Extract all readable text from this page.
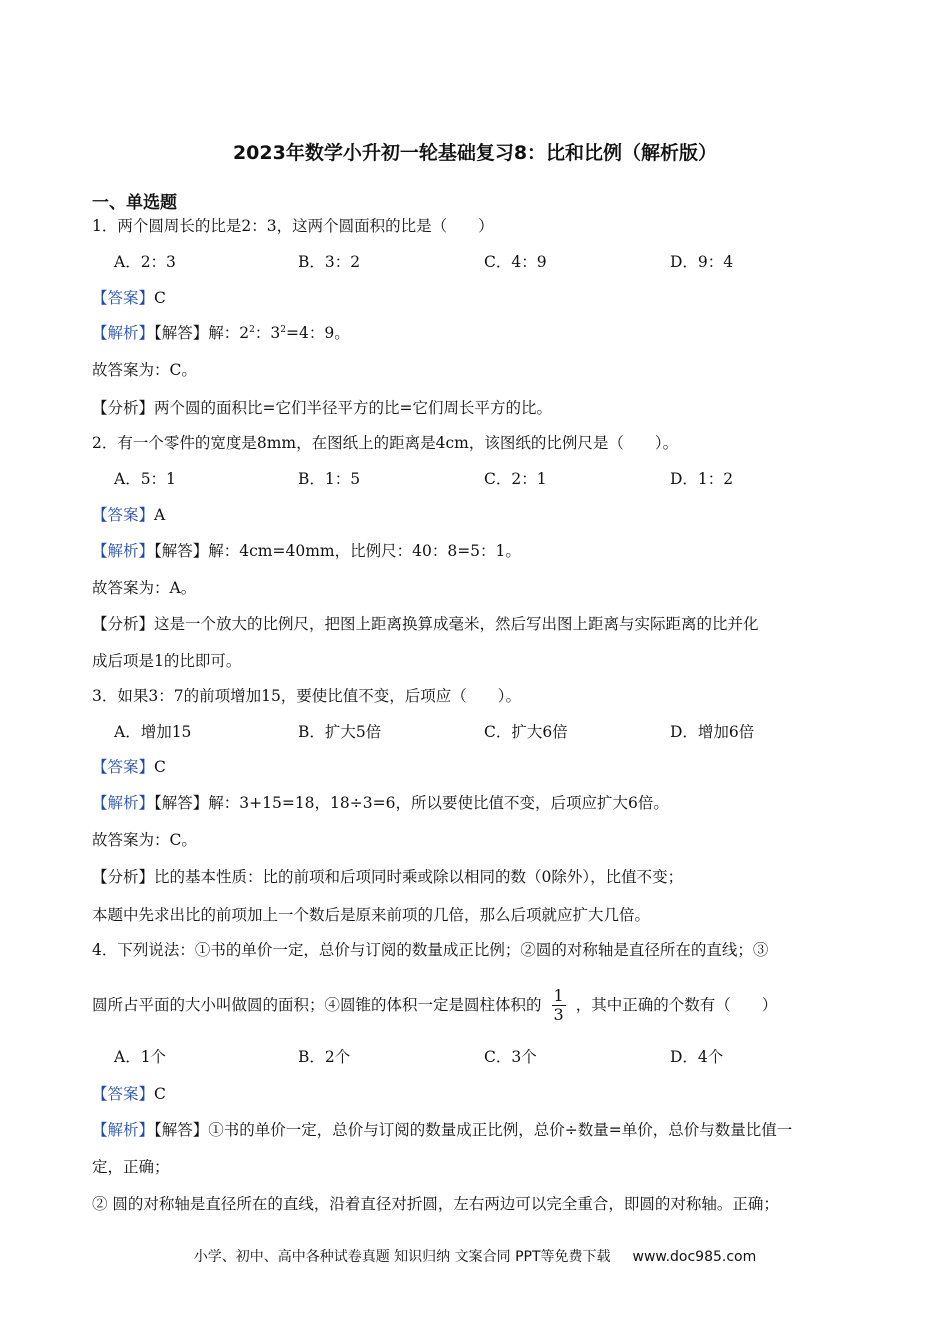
2023年数学小升初一轮基础复习8：比和比例（解析版）
一、单选题
1．两个圆周长的比是2：3，这两个圆面积的比是（　　）
A．2：3	B．3：2	C．4：9	D．9：4
【答案】C
【解析】【解答】解：$2^2$：$3^2=4$：9。
故答案为：C。
【分析】两个圆的面积比=它们半径平方的比=它们周长平方的比。
2．有一个零件的宽度是8mm，在图纸上的距离是4cm，该图纸的比例尺是（　　）。
A．5：1	B．1：5	C．2：1	D．1：2
【答案】A
【解析】【解答】解：4cm=40mm，比例尺：40：8=5：1。
故答案为：A。
【分析】这是一个放大的比例尺，把图上距离换算成毫米，然后写出图上距离与实际距离的比并化
成后项是1的比即可。
3．如果3：7的前项增加15，要使比值不变，后项应（　　）。
A．增加15	B．扩大5倍	C．扩大6倍	D．增加6倍
【答案】C
【解析】【解答】解：3+15=18，18÷3=6，所以要使比值不变，后项应扩大6倍。
故答案为：C。
【分析】比的基本性质：比的前项和后项同时乘或除以相同的数（0除外），比值不变；
本题中先求出比的前项加上一个数后是原来前项的几倍，那么后项就应扩大几倍。
4．下列说法：①书的单价一定，总价与订阅的数量成正比例；②圆的对称轴是直径所在的直线；③
圆所占平面的大小叫做圆的面积；④圆锥的体积一定是圆柱体积的 $\frac{1}{3}$ ，其中正确的个数有（　　）
A．1个	B．2个	C．3个	D．4个
【答案】C
【解析】【解答】①书的单价一定，总价与订阅的数量成正比例，总价÷数量=单价，总价与数量比值一
定，正确；
② 圆的对称轴是直径所在的直线，沿着直径对折圆，左右两边可以完全重合，即圆的对称轴。正确；
小学、初中、高中各种试卷真题 知识归纳 文案合同 PPT等免费下载 www.doc985.com
